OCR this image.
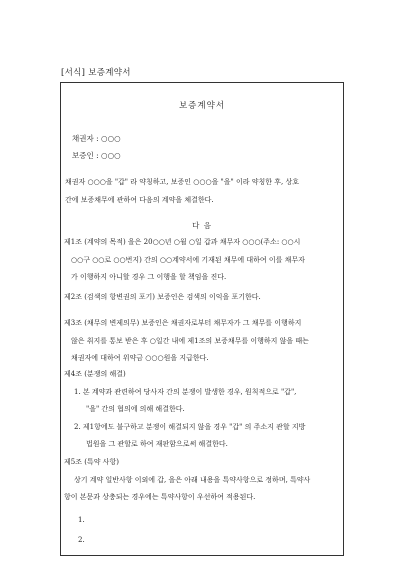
[서식] 보증계약서
보증계약서
채권자 : ○○○
보증인 : ○○○
채권자 ○○○을 "갑" 라 약칭하고, 보증인 ○○○을 "을" 이라 약칭한 후, 상호
간에 보증채무에 관하여 다음의 계약을 체결한다.
다 음
제1조 (계약의 목적) 을은 20○○년 ○월 ○일 갑과 채무자 ○○○(주소: ○○시
○○구 ○○로 ○○번지) 간의 ○○계약서에 기재된 채무에 대하여 이를 채무자
가 이행하지 아니할 경우 그 이행을 할 책임을 진다.
제2조 (검색의 항변권의 포기) 보증인은 검색의 이익을 포기한다.
제3조 (채무의 변제의무) 보증인은 채권자로부터 채무자가 그 채무를 이행하지
않은 취지를 통보 받은 후 ○일간 내에 제1조의 보증채무를 이행하지 않을 때는
채권자에 대하여 위약금 ○○○원을 지급한다.
제4조 (분쟁의 해결)
1. 본 계약과 관련하여 당사자 간의 분쟁이 발생한 경우, 원칙적으로 "갑",
"을" 간의 협의에 의해 해결한다.
2. 제1항에도 불구하고 분쟁이 해결되지 않을 경우 "갑" 의 주소지 관할 지방
법원을 그 관할로 하여 재판함으로써 해결한다.
제5조 (특약 사항)
상기 계약 일반사항 이외에 갑, 을은 아래 내용을 특약사항으로 정하며, 특약사
항이 본문과 상충되는 경우에는 특약사항이 우선하여 적용된다.
1.
2.
